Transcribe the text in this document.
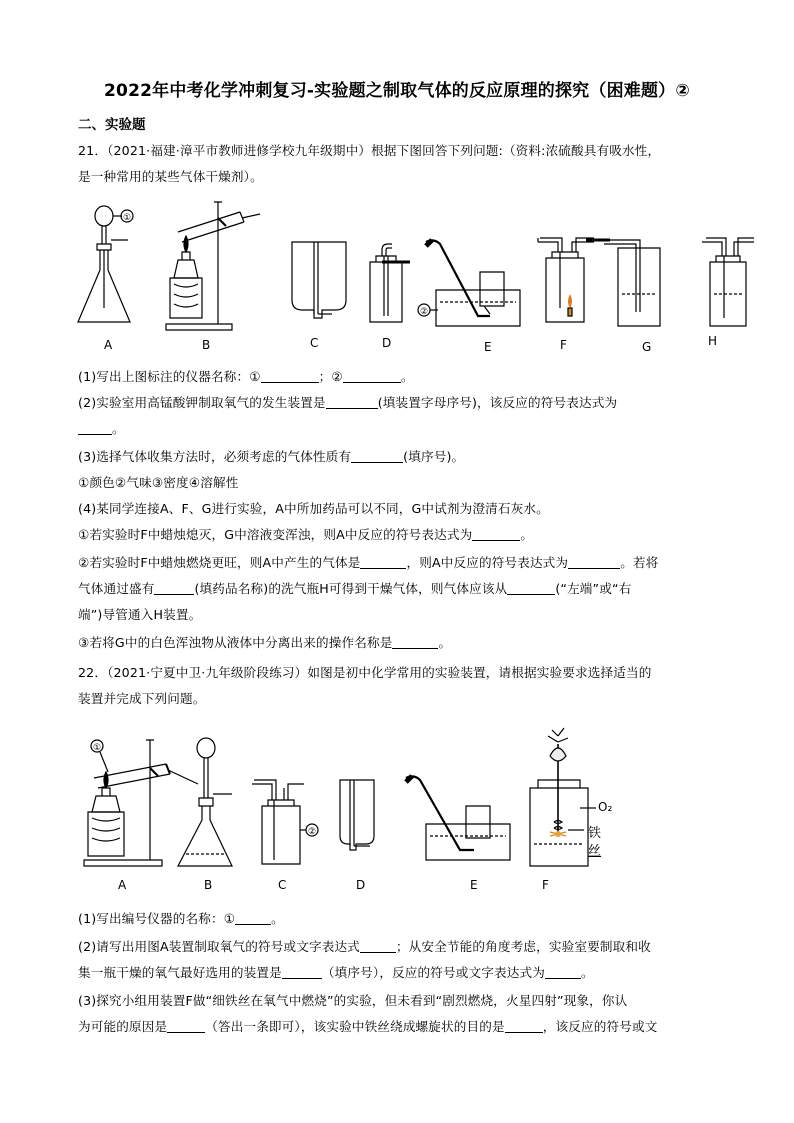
2022年中考化学冲刺复习-实验题之制取气体的反应原理的探究（困难题）②
二、实验题
21．（2021·福建·漳平市教师进修学校九年级期中）根据下图回答下列问题:（资料:浓硫酸具有吸水性，
是一种常用的某些气体干燥剂）。
①
②
A	B	C	D	E	F	G	H
(1)写出上图标注的仪器名称：①	；②	。
(2)实验室用高锰酸钾制取氧气的发生装置是	(填装置字母序号)，该反应的符号表达式为
。
(3)选择气体收集方法时，必须考虑的气体性质有	(填序号)。
①颜色②气味③密度④溶解性
(4)某同学连接A、F、G进行实验，A中所加药品可以不同，G中试剂为澄清石灰水。
①若实验时F中蜡烛熄灭，G中溶液变浑浊，则A中反应的符号表达式为	。
②若实验时F中蜡烛燃烧更旺，则A中产生的气体是	，则A中反应的符号表达式为	。若将
气体通过盛有	(填药品名称)的洗气瓶H可得到干燥气体，则气体应该从	(“左端”或“右
端”)导管通入H装置。
③若将G中的白色浑浊物从液体中分离出来的操作名称是	。
22．（2021·宁夏中卫·九年级阶段练习）如图是初中化学常用的实验装置，请根据实验要求选择适当的
装置并完成下列问题。
①
②
O₂
铁
丝
A	B	C	D	E	F
(1)写出编号仪器的名称：①	。
(2)请写出用图A装置制取氧气的符号或文字表达式	；从安全节能的角度考虑，实验室要制取和收
集一瓶干燥的氧气最好选用的装置是	（填序号），反应的符号或文字表达式为	。
(3)探究小组用装置F做“细铁丝在氧气中燃烧”的实验，但未看到“剧烈燃烧，火星四射”现象，你认
为可能的原因是	（答出一条即可），该实验中铁丝绕成螺旋状的目的是	，该反应的符号或文
